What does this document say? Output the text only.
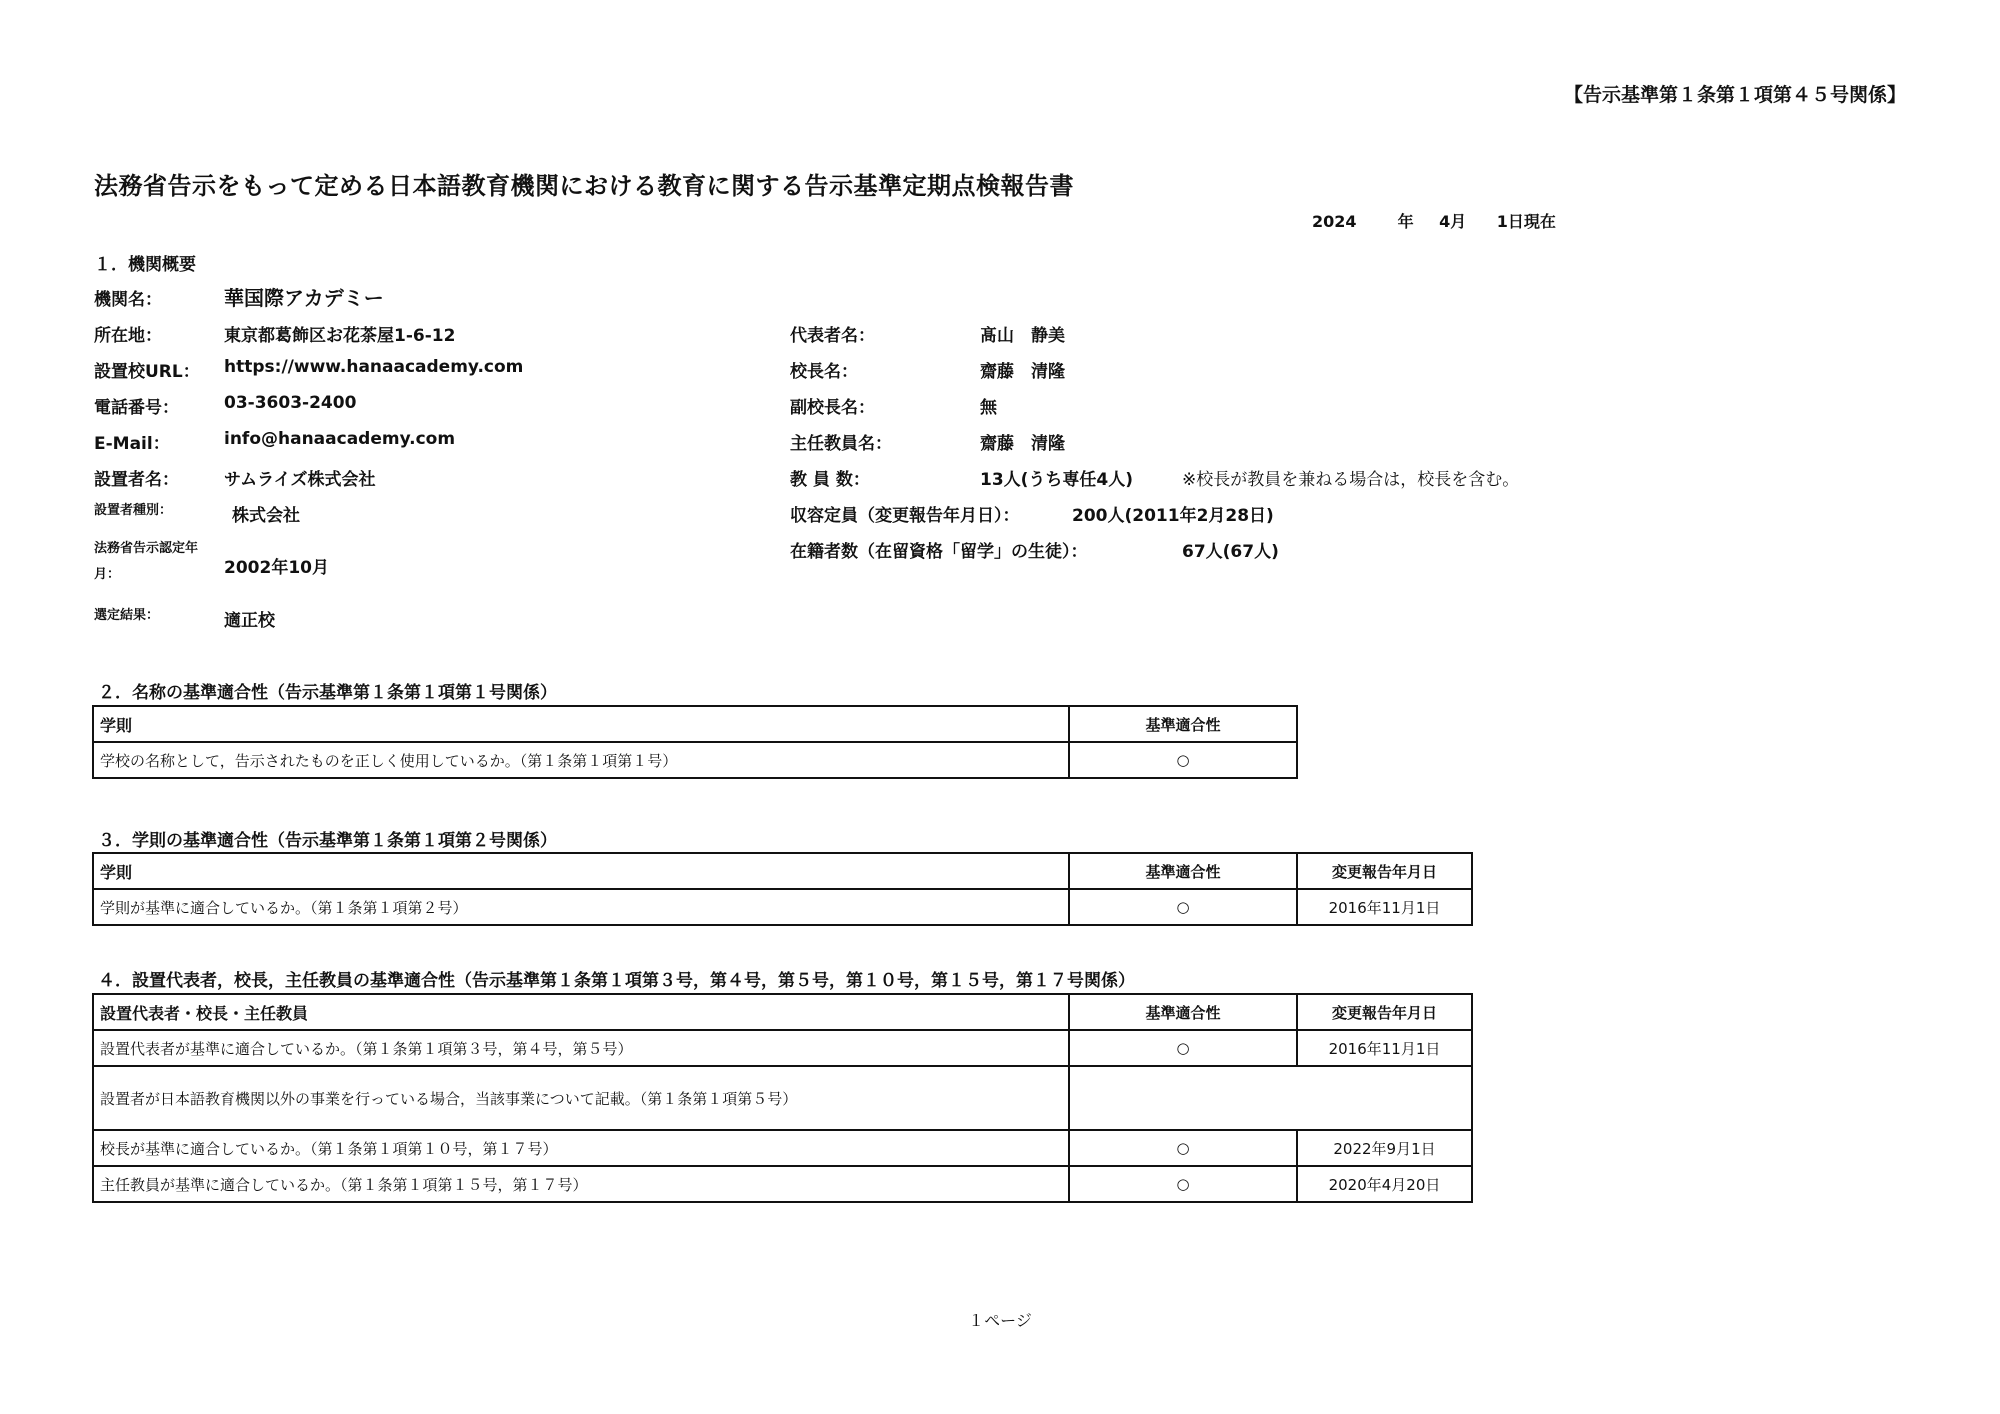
【告示基準第１条第１項第４５号関係】
法務省告示をもって定める日本語教育機関における教育に関する告示基準定期点検報告書
2024	年 4月 1日現在
１．機関概要
機関名：	華国際アカデミー
所在地：	東京都葛飾区お花茶屋1-6-12
設置校URL： https://www.hanaacademy.com
電話番号：	03-3603-2400
E-Mail：	info@hanaacademy.com
設置者名：	サムライズ株式会社
設置者種別：	株式会社
法務省告示認定年月：	2002年10月
選定結果：	適正校
代表者名：	髙山　静美
校長名：	齋藤　清隆
副校長名：	無
主任教員名：	齋藤　清隆
教 員 数：	13人(うち専任4人)	※校長が教員を兼ねる場合は，校長を含む。
収容定員（変更報告年月日）：	200人(2011年2月28日)
在籍者数（在留資格「留学」の生徒）：	67人(67人)
２．名称の基準適合性（告示基準第１条第１項第１号関係）
学則	基準適合性
学校の名称として，告示されたものを正しく使用しているか。（第１条第１項第１号）	○
３．学則の基準適合性（告示基準第１条第１項第２号関係）
学則	基準適合性	変更報告年月日
学則が基準に適合しているか。（第１条第１項第２号）	○	2016年11月1日
４．設置代表者，校長，主任教員の基準適合性（告示基準第１条第１項第３号，第４号，第５号，第１０号，第１５号，第１７号関係）
設置代表者・校長・主任教員	基準適合性	変更報告年月日
設置代表者が基準に適合しているか。（第１条第１項第３号，第４号，第５号）	○	2016年11月1日
設置者が日本語教育機関以外の事業を行っている場合，当該事業について記載。（第１条第１項第５号）		
校長が基準に適合しているか。（第１条第１項第１０号，第１７号）	○	2022年9月1日
主任教員が基準に適合しているか。（第１条第１項第１５号，第１７号）	○	2020年4月20日
１ページ
